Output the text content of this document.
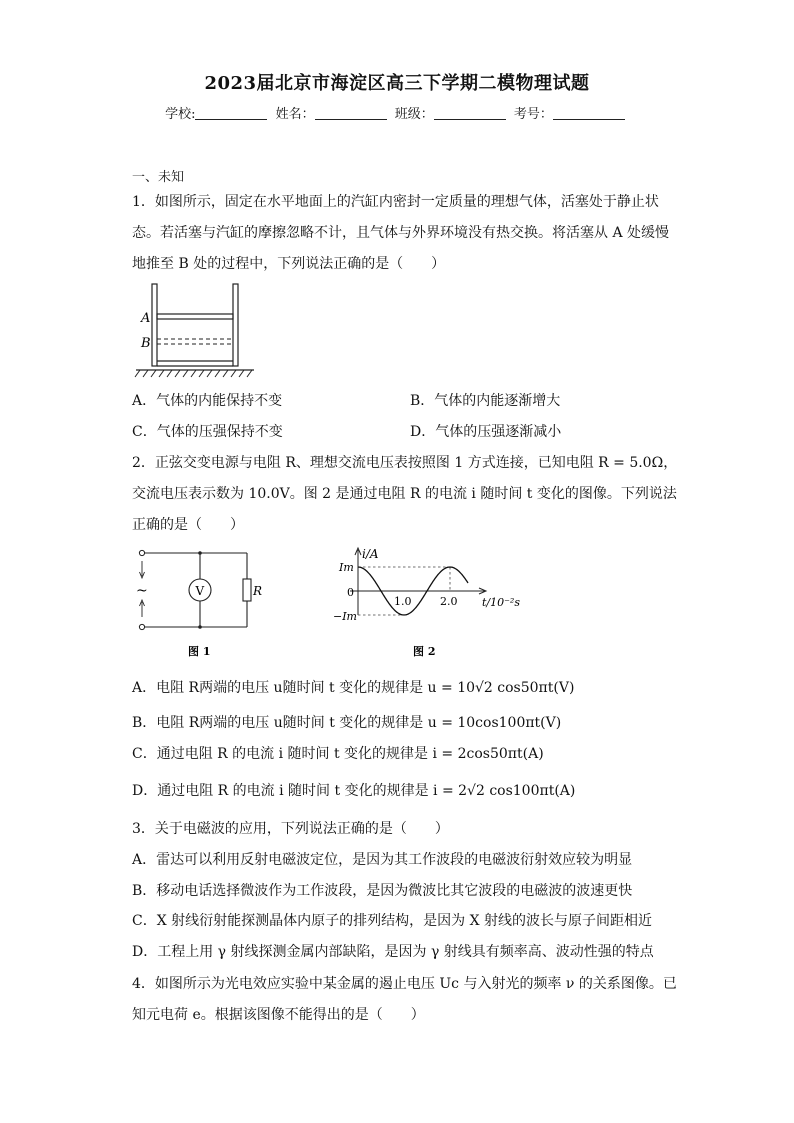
2023届北京市海淀区高三下学期二模物理试题
学校:	姓名：	班级：	考号：
一、未知
1．如图所示，固定在水平地面上的汽缸内密封一定质量的理想气体，活塞处于静止状
态。若活塞与汽缸的摩擦忽略不计，且气体与外界环境没有热交换。将活塞从 A 处缓慢
地推至 B 处的过程中，下列说法正确的是（　　）
A
B
A．气体的内能保持不变	B．气体的内能逐渐增大
C．气体的压强保持不变	D．气体的压强逐渐减小
2．正弦交变电源与电阻 R、理想交流电压表按照图 1 方式连接，已知电阻 R = 5.0Ω，
交流电压表示数为 10.0V。图 2 是通过电阻 R 的电流 i 随时间 t 变化的图像。下列说法
正确的是（　　）
~	V	R
图 1
i/A
t/10⁻²s
Im
−Im
0
1.0	2.0
图 2
A．电阻 R两端的电压 u随时间 t 变化的规律是 u = 10√2 cos50πt(V)
B．电阻 R两端的电压 u随时间 t 变化的规律是 u = 10cos100πt(V)
C．通过电阻 R 的电流 i 随时间 t 变化的规律是 i = 2cos50πt(A)
D．通过电阻 R 的电流 i 随时间 t 变化的规律是 i = 2√2 cos100πt(A)
3．关于电磁波的应用，下列说法正确的是（　　）
A．雷达可以利用反射电磁波定位，是因为其工作波段的电磁波衍射效应较为明显
B．移动电话选择微波作为工作波段，是因为微波比其它波段的电磁波的波速更快
C．X 射线衍射能探测晶体内原子的排列结构，是因为 X 射线的波长与原子间距相近
D．工程上用 γ 射线探测金属内部缺陷，是因为 γ 射线具有频率高、波动性强的特点
4．如图所示为光电效应实验中某金属的遏止电压 Uc 与入射光的频率 ν 的关系图像。已
知元电荷 e。根据该图像不能得出的是（　　）
